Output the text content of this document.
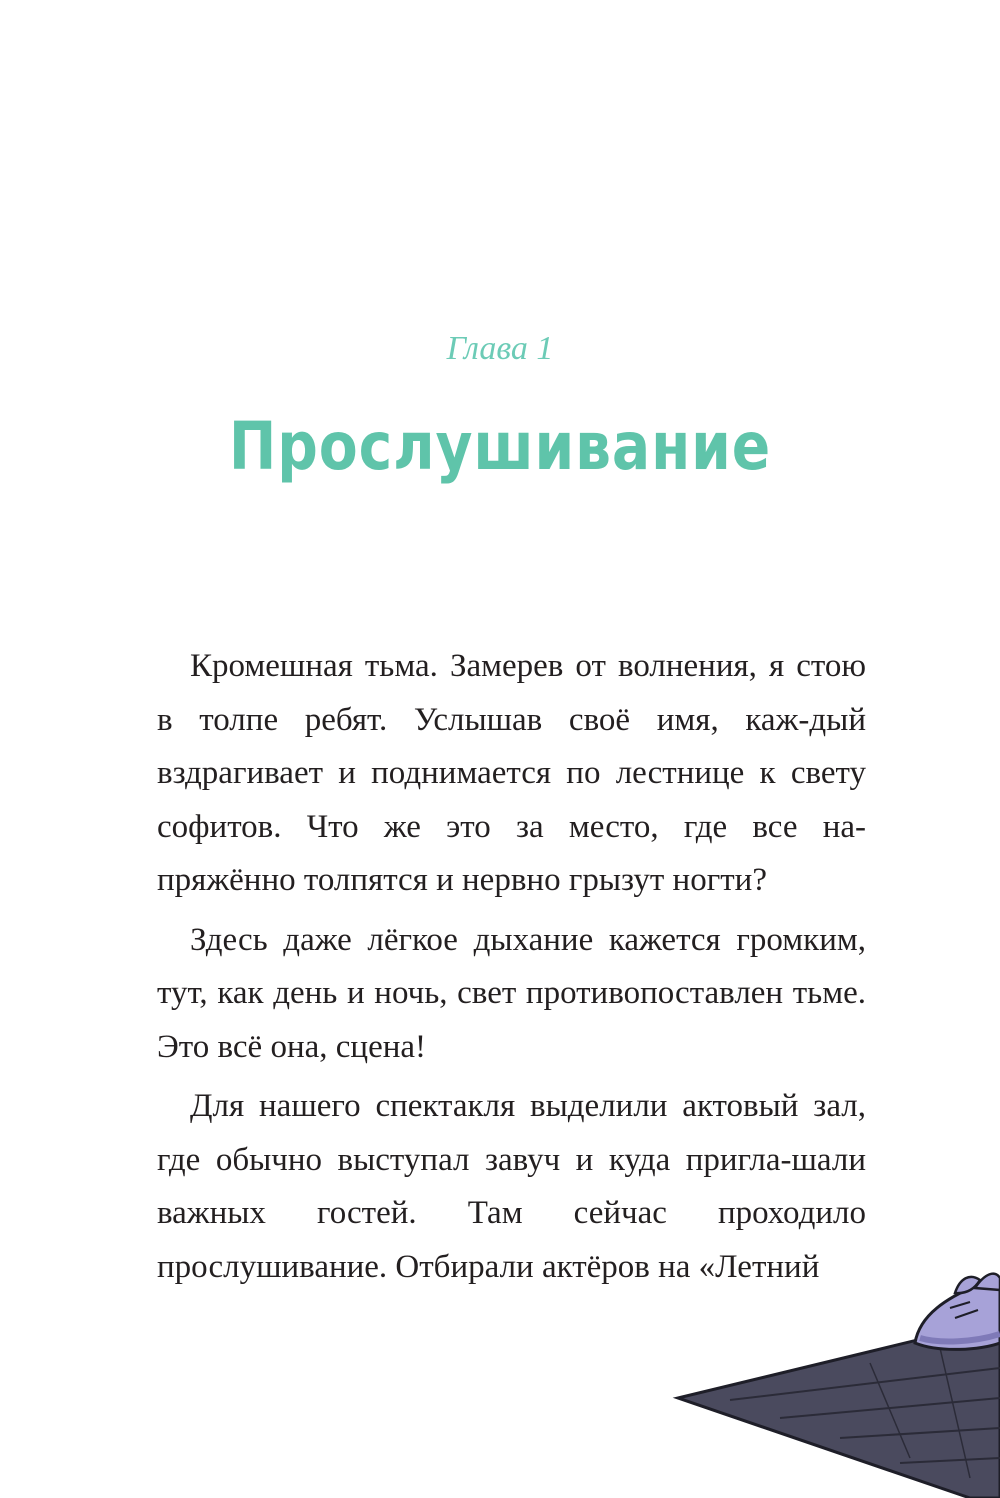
Глава 1
Прослушивание

Кромешная тьма. Замерев от волнения, я стою в толпе ребят. Услышав своё имя, каж-дый вздрагивает и поднимается по лестнице к свету софитов. Что же это за место, где все на-пряжённо толпятся и нервно грызут ногти?

Здесь даже лёгкое дыхание кажется громким, тут, как день и ночь, свет противопоставлен тьме. Это всё она, сцена!

Для нашего спектакля выделили актовый зал, где обычно выступал завуч и куда пригла-шали важных гостей. Там сейчас проходило прослушивание. Отбирали актёров на «Летний
